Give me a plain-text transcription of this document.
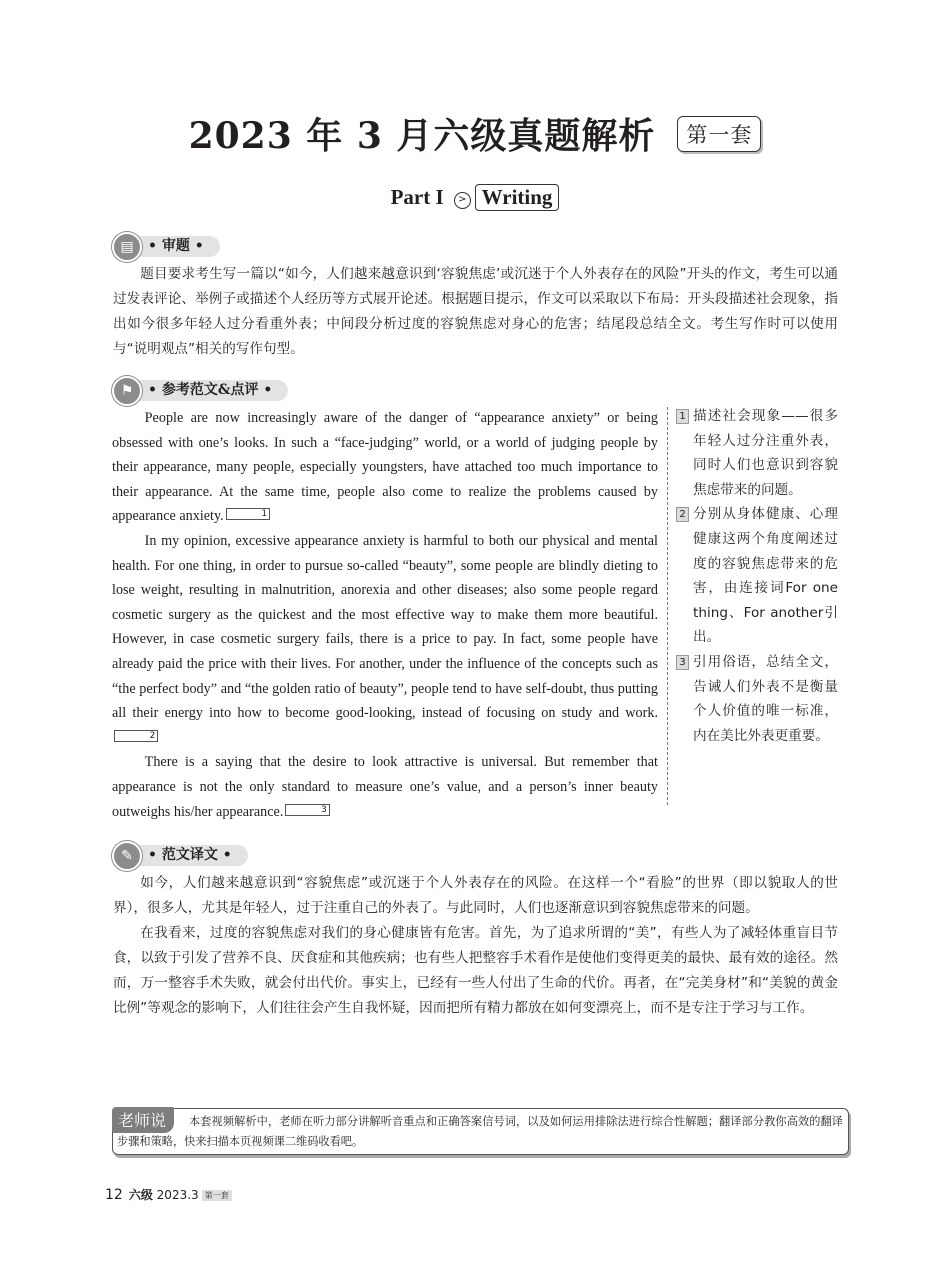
2023 年 3 月六级真题解析 第一套
Part I > Writing
• 审题 •
▤

题目要求考生写一篇以“如今，人们越来越意识到‘容貌焦虑’或沉迷于个人外表存在的风险”开头的作文，考生可以通过发表评论、举例子或描述个人经历等方式展开论述。根据题目提示，作文可以采取以下布局：开头段描述社会现象，指出如今很多年轻人过分看重外表；中间段分析过度的容貌焦虑对身心的危害；结尾段总结全文。考生写作时可以使用与“说明观点”相关的写作句型。

• 参考范文&点评 •
⚑

People are now increasingly aware of the danger of “appearance anxiety” or being obsessed with one’s looks. In such a “face-judging” world, or a world of judging people by their appearance, many people, especially youngsters, have attached too much importance to their appearance. At the same time, people also come to realize the problems caused by appearance anxiety.	1

In my opinion, excessive appearance anxiety is harmful to both our physical and mental health. For one thing, in order to pursue so-called “beauty”, some people are blindly dieting to lose weight, resulting in malnutrition, anorexia and other diseases; also some people regard cosmetic surgery as the quickest and the most effective way to make them more beautiful. However, in case cosmetic surgery fails, there is a price to pay. In fact, some people have already paid the price with their lives. For another, under the influence of the concepts such as “the perfect body” and “the golden ratio of beauty”, people tend to have self-doubt, thus putting all their energy into how to become good-looking, instead of focusing on study and work.2

There is a saying that the desire to look attractive is universal. But remember that appearance is not the only standard to measure one’s value, and a person’s inner beauty outweighs his/her appearance.	3

1 描述社会现象——很多年轻人过分注重外表，同时人们也意识到容貌焦虑带来的问题。
2 分别从身体健康、心理健康这两个角度阐述过度的容貌焦虑带来的危害，由连接词For one thing、For another引出。
3 引用俗语，总结全文，告诫人们外表不是衡量个人价值的唯一标准，内在美比外表更重要。
• 范文译文 •
✎

如今，人们越来越意识到“容貌焦虑”或沉迷于个人外表存在的风险。在这样一个“看脸”的世界（即以貌取人的世界），很多人，尤其是年轻人，过于注重自己的外表了。与此同时，人们也逐渐意识到容貌焦虑带来的问题。

在我看来，过度的容貌焦虑对我们的身心健康皆有危害。首先，为了追求所谓的“美”，有些人为了减轻体重盲目节食，以致于引发了营养不良、厌食症和其他疾病；也有些人把整容手术看作是使他们变得更美的最快、最有效的途径。然而，万一整容手术失败，就会付出代价。事实上，已经有一些人付出了生命的代价。再者，在“完美身材”和“美貌的黄金比例”等观念的影响下，人们往往会产生自我怀疑，因而把所有精力都放在如何变漂亮上，而不是专注于学习与工作。

本套视频解析中，老师在听力部分讲解听音重点和正确答案信号词，以及如何运用排除法进行综合性解题；翻译部分教你高效的翻译步骤和策略，快来扫描本页视频课二维码收看吧。
老师说
12 六级 2023.3 第一套
